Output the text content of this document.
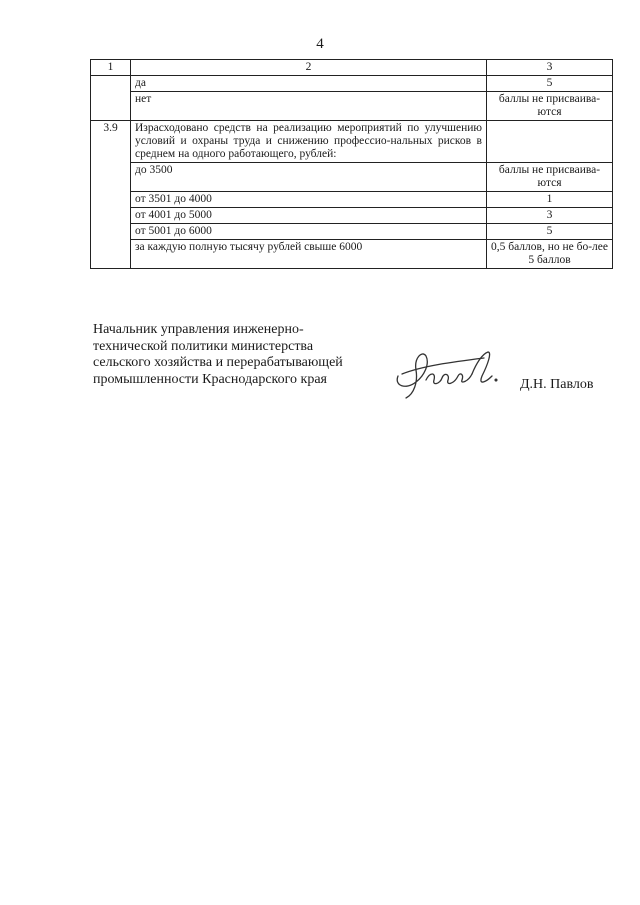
4
1	2	3
	да	5
	нет	баллы не присваива-ются
3.9	Израсходовано средств на реализацию мероприятий по улучшению условий и охраны труда и снижению профессио-нальных рисков в среднем на одного работающего, рублей:	
	до 3500	баллы не присваива-ются
	от 3501 до 4000	1
	от 4001 до 5000	3
	от 5001 до 6000	5
	за каждую полную тысячу рублей свыше 6000	0,5 баллов, но не бо-лее 5 баллов
Начальник управления инженерно-
технической политики министерства
сельского хозяйства и перерабатывающей
промышленности Краснодарского края	Д.Н. Павлов
